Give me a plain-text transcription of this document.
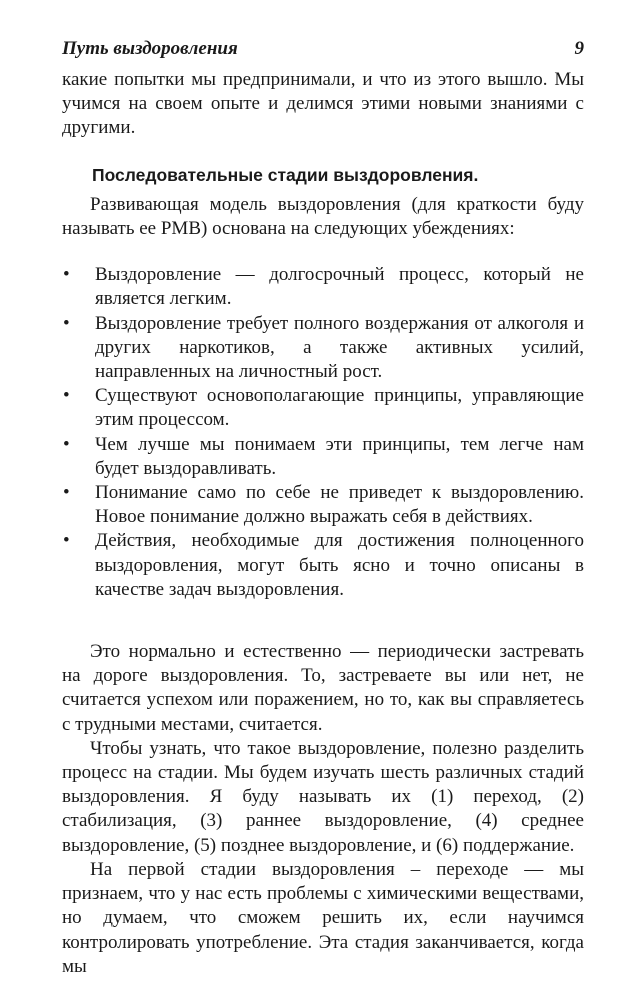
Путь выздоровления	9

какие попытки мы предпринимали, и что из этого вышло. Мы учимся на своем опыте и делимся этими новыми знаниями с другими.

Последовательные стадии выздоровления.

Развивающая модель выздоровления (для краткости буду называть ее РМВ) основана на следующих убеждениях:

• Выздоровление — долгосрочный процесс, который не является легким.
• Выздоровление требует полного воздержания от алкоголя и других наркотиков, а также активных усилий, направленных на личностный рост.
• Существуют основополагающие принципы, управляющие этим процессом.
• Чем лучше мы понимаем эти принципы, тем легче нам будет выздоравливать.
• Понимание само по себе не приведет к выздоровлению. Новое понимание должно выражать себя в действиях.
• Действия, необходимые для достижения полноценного выздоровления, могут быть ясно и точно описаны в качестве задач выздоровления.

Это нормально и естественно — периодически застревать на дороге выздоровления. То, застреваете вы или нет, не считается успехом или поражением, но то, как вы справляетесь с трудными местами, считается.

Чтобы узнать, что такое выздоровление, полезно разделить процесс на стадии. Мы будем изучать шесть различных стадий выздоровления. Я буду называть их (1) переход, (2) стабилизация, (3) раннее выздоровление, (4) среднее выздоровление, (5) позднее выздоровление, и (6) поддержание.

На первой стадии выздоровления – переходе — мы признаем, что у нас есть проблемы с химическими веществами, но думаем, что сможем решить их, если научимся контролировать употребление. Эта стадия заканчивается, когда мы
